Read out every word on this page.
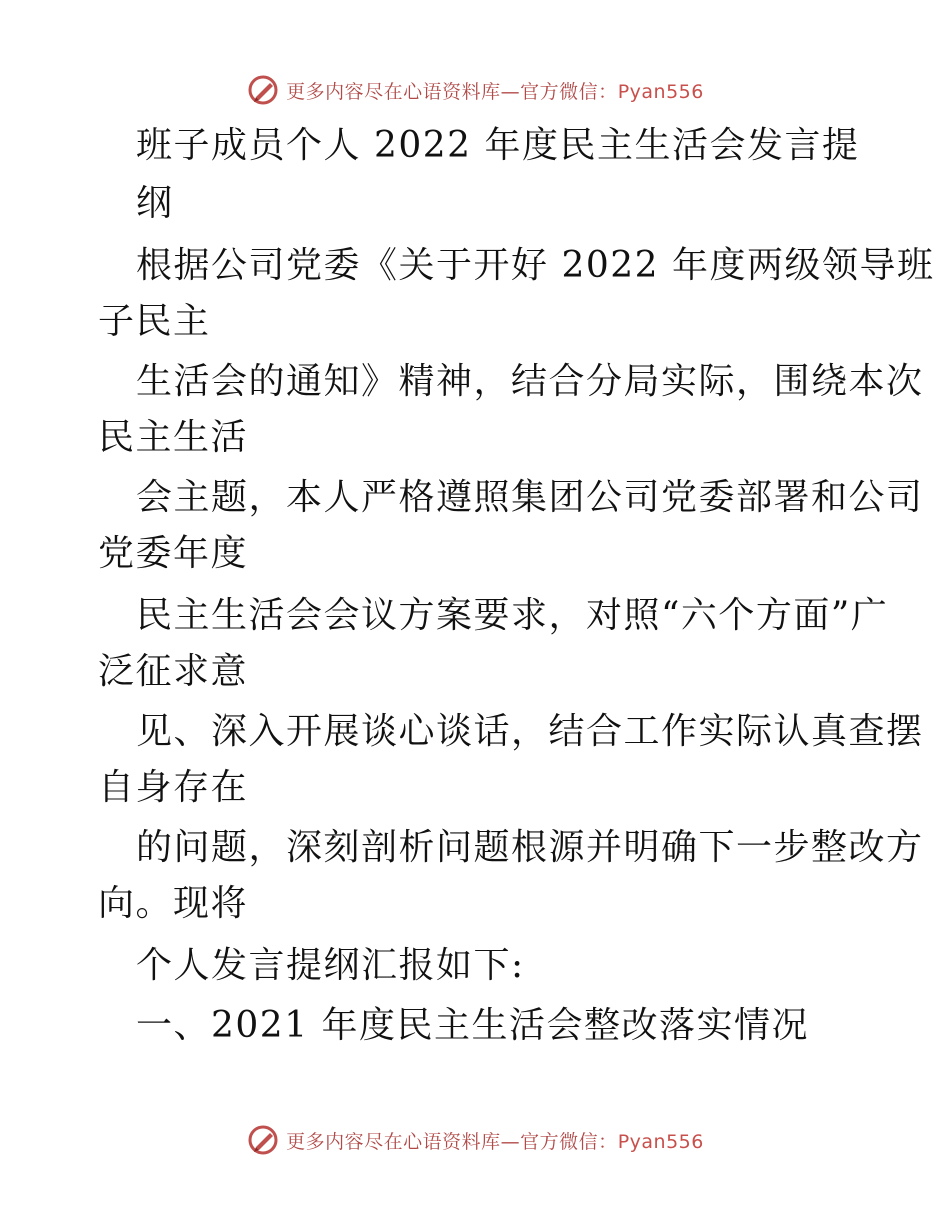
更多内容尽在心语资料库—官方微信：Pyan556
班子成员个人 2022 年度民主生活会发言提
纲
根据公司党委《关于开好 2022 年度两级领导班
子民主
生活会的通知》精神，结合分局实际，围绕本次
民主生活
会主题，本人严格遵照集团公司党委部署和公司
党委年度
民主生活会会议方案要求，对照“六个方面”广
泛征求意
见、深入开展谈心谈话，结合工作实际认真查摆
自身存在
的问题，深刻剖析问题根源并明确下一步整改方
向。现将
个人发言提纲汇报如下:
一、2021 年度民主生活会整改落实情况
更多内容尽在心语资料库—官方微信：Pyan556
